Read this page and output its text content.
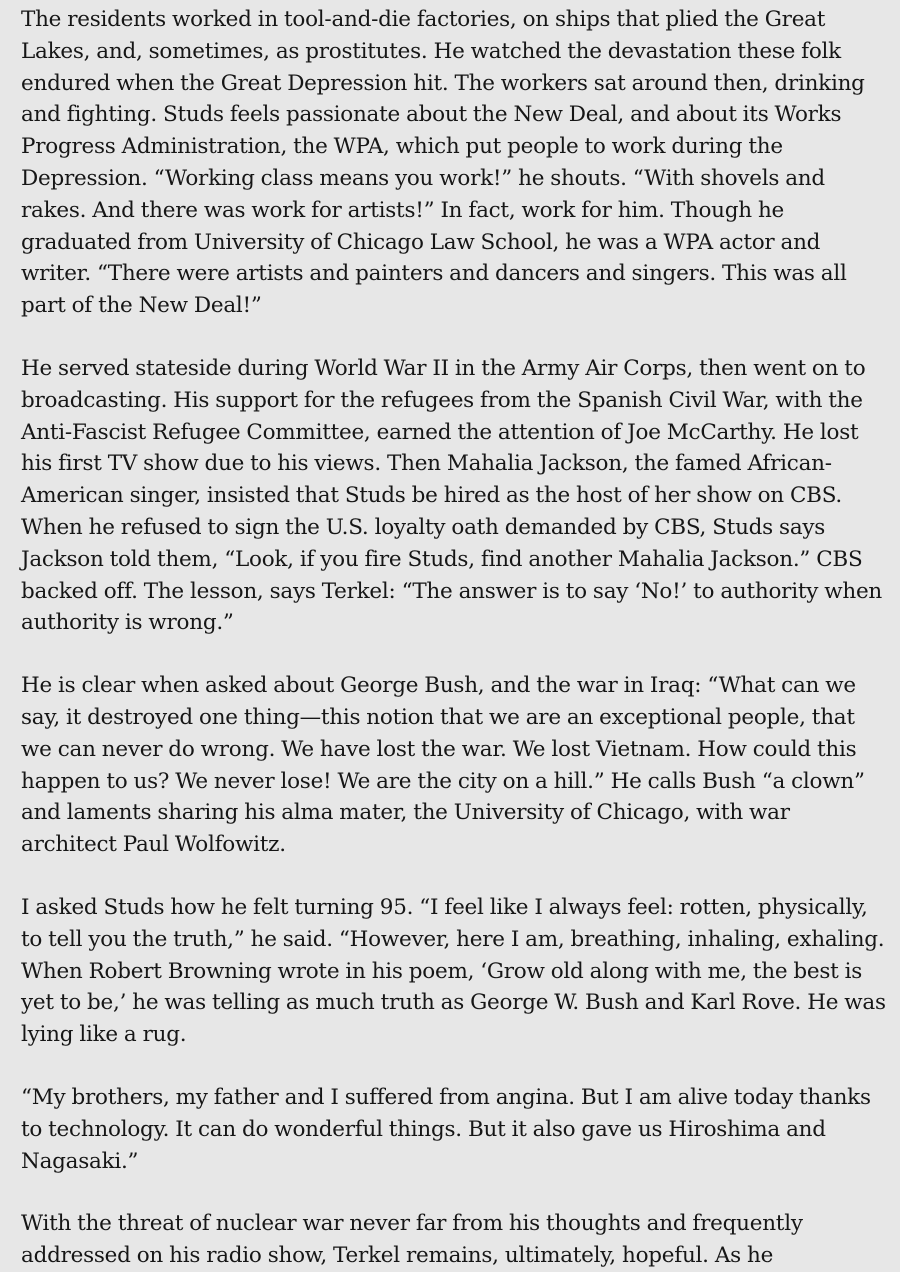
The residents worked in tool-and-die factories, on ships that plied the Great Lakes, and, sometimes, as prostitutes. He watched the devastation these folk endured when the Great Depression hit. The workers sat around then, drinking and fighting. Studs feels passionate about the New Deal, and about its Works Progress Administration, the WPA, which put people to work during the Depression. “Working class means you work!” he shouts. “With shovels and rakes. And there was work for artists!” In fact, work for him. Though he graduated from University of Chicago Law School, he was a WPA actor and writer. “There were artists and painters and dancers and singers. This was all part of the New Deal!”

He served stateside during World War II in the Army Air Corps, then went on to broadcasting. His support for the refugees from the Spanish Civil War, with the Anti-Fascist Refugee Committee, earned the attention of Joe McCarthy. He lost his first TV show due to his views. Then Mahalia Jackson, the famed African-American singer, insisted that Studs be hired as the host of her show on CBS. When he refused to sign the U.S. loyalty oath demanded by CBS, Studs says Jackson told them, “Look, if you fire Studs, find another Mahalia Jackson.” CBS backed off. The lesson, says Terkel: “The answer is to say ‘No!’ to authority when authority is wrong.”

He is clear when asked about George Bush, and the war in Iraq: “What can we say, it destroyed one thing—this notion that we are an exceptional people, that we can never do wrong. We have lost the war. We lost Vietnam. How could this happen to us? We never lose! We are the city on a hill.” He calls Bush “a clown” and laments sharing his alma mater, the University of Chicago, with war architect Paul Wolfowitz.

I asked Studs how he felt turning 95. “I feel like I always feel: rotten, physically, to tell you the truth,” he said. “However, here I am, breathing, inhaling, exhaling. When Robert Browning wrote in his poem, ‘Grow old along with me, the best is yet to be,’ he was telling as much truth as George W. Bush and Karl Rove. He was lying like a rug.

“My brothers, my father and I suffered from angina. But I am alive today thanks to technology. It can do wonderful things. But it also gave us Hiroshima and Nagasaki.”

With the threat of nuclear war never far from his thoughts and frequently addressed on his radio show, Terkel remains, ultimately, hopeful. As he
